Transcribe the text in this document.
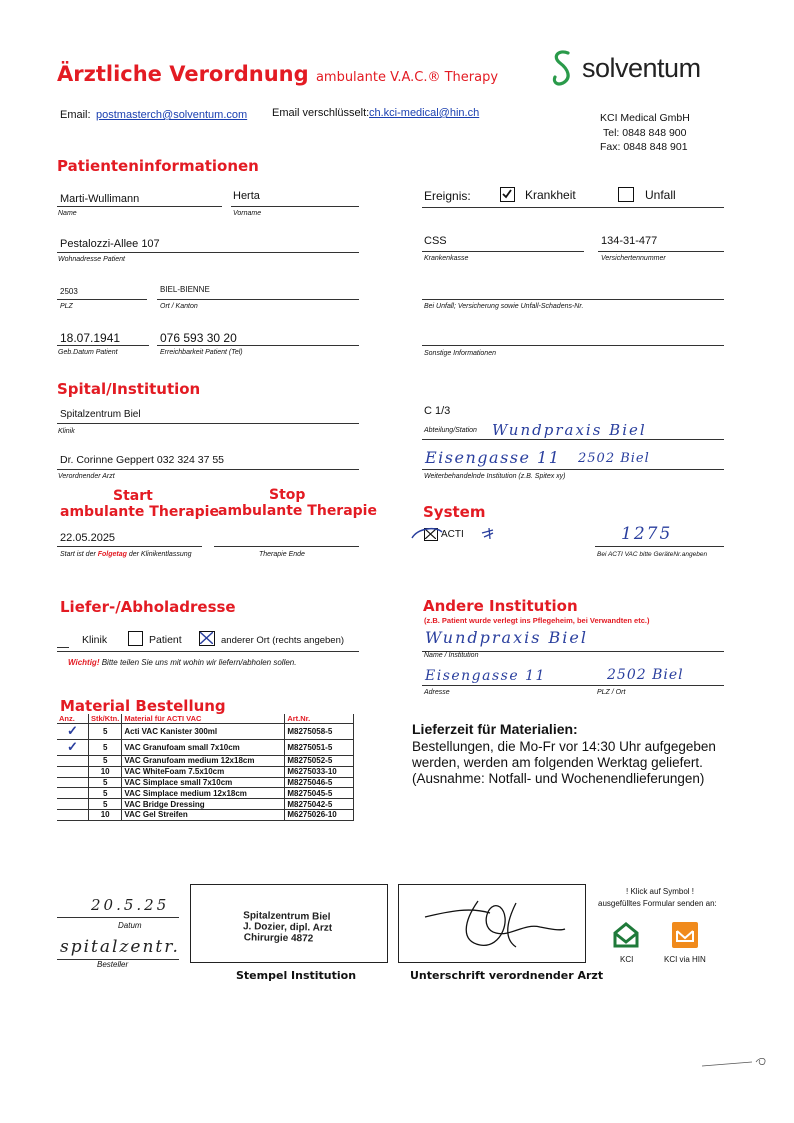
Ärztliche Verordnung ambulante V.A.C.® Therapy	solventum
Email: postmasterch@solventum.com Email verschlüsselt: ch.kci-medical@hin.ch	KCI Medical GmbH
Tel: 0848 848 900
Fax: 0848 848 901
Patienteninformationen
Marti-Wullimann
Name
Herta
Vorname
Pestalozzi-Allee 107
Wohnadresse Patient
2503
PLZ
BIEL-BIENNE
Ort / Kanton
18.07.1941
Geb.Datum Patient
076 593 30 20
Erreichbarkeit Patient (Tel)
Ereignis:	Krankheit	Unfall
CSS
Krankenkasse
134-31-477
Versichertennummer
Bei Unfall; Versicherung sowie Unfall-Schadens-Nr.
Sonstige Informationen
Spital/Institution
Spitalzentrum Biel
Klinik
Dr. Corinne Geppert 032 324 37 55
Verordnender Arzt
C 1/3
Abteilung/Station Wundpraxis Biel
Eisengasse 11 2502 Biel
Weiterbehandelnde Institution (z.B. Spitex xy)
Start
ambulante Therapie
Stop
ambulante Therapie
22.05.2025
Start ist der Folgetag der Klinikentlassung	Therapie Ende
System
ACTI	1275
Bei ACTI VAC bitte GeräteNr.angeben
Liefer-/Abholadresse
Klinik	Patient	anderer Ort (rechts angeben)
Wichtig! Bitte teilen Sie uns mit wohin wir liefern/abholen sollen.
Andere Institution
(z.B. Patient wurde verlegt ins Pflegeheim, bei Verwandten etc.)
Wundpraxis Biel
Name / Institution
Eisengasse 11	2502 Biel
Adresse	PLZ / Ort
Material Bestellung
Anz.	Stk/Ktn.	Material für ACTI VAC	Art.Nr.
✓	5	Acti VAC Kanister 300ml	M8275058-5
✓	5	VAC Granufoam small 7x10cm	M8275051-5
	5	VAC Granufoam medium 12x18cm	M8275052-5
	10	VAC WhiteFoam 7.5x10cm	M6275033-10
	5	VAC Simplace small 7x10cm	M8275046-5
	5	VAC Simplace medium 12x18cm	M8275045-5
	5	VAC Bridge Dressing	M8275042-5
	10	VAC Gel Streifen	M6275026-10
Lieferzeit für Materialien:
Bestellungen, die Mo-Fr vor 14:30 Uhr aufgegeben
werden, werden am folgenden Werktag geliefert.
(Ausnahme: Notfall- und Wochenendlieferungen)
20.5.25
Datum
spitalzentr.
Besteller
Spitalzentrum Biel
J. Dozier, dipl. Arzt
Chirurgie 4872
Stempel Institution	Unterschrift verordnender Arzt
! Klick auf Symbol !
ausgefülltes Formular senden an:
KCI	KCI via HIN
